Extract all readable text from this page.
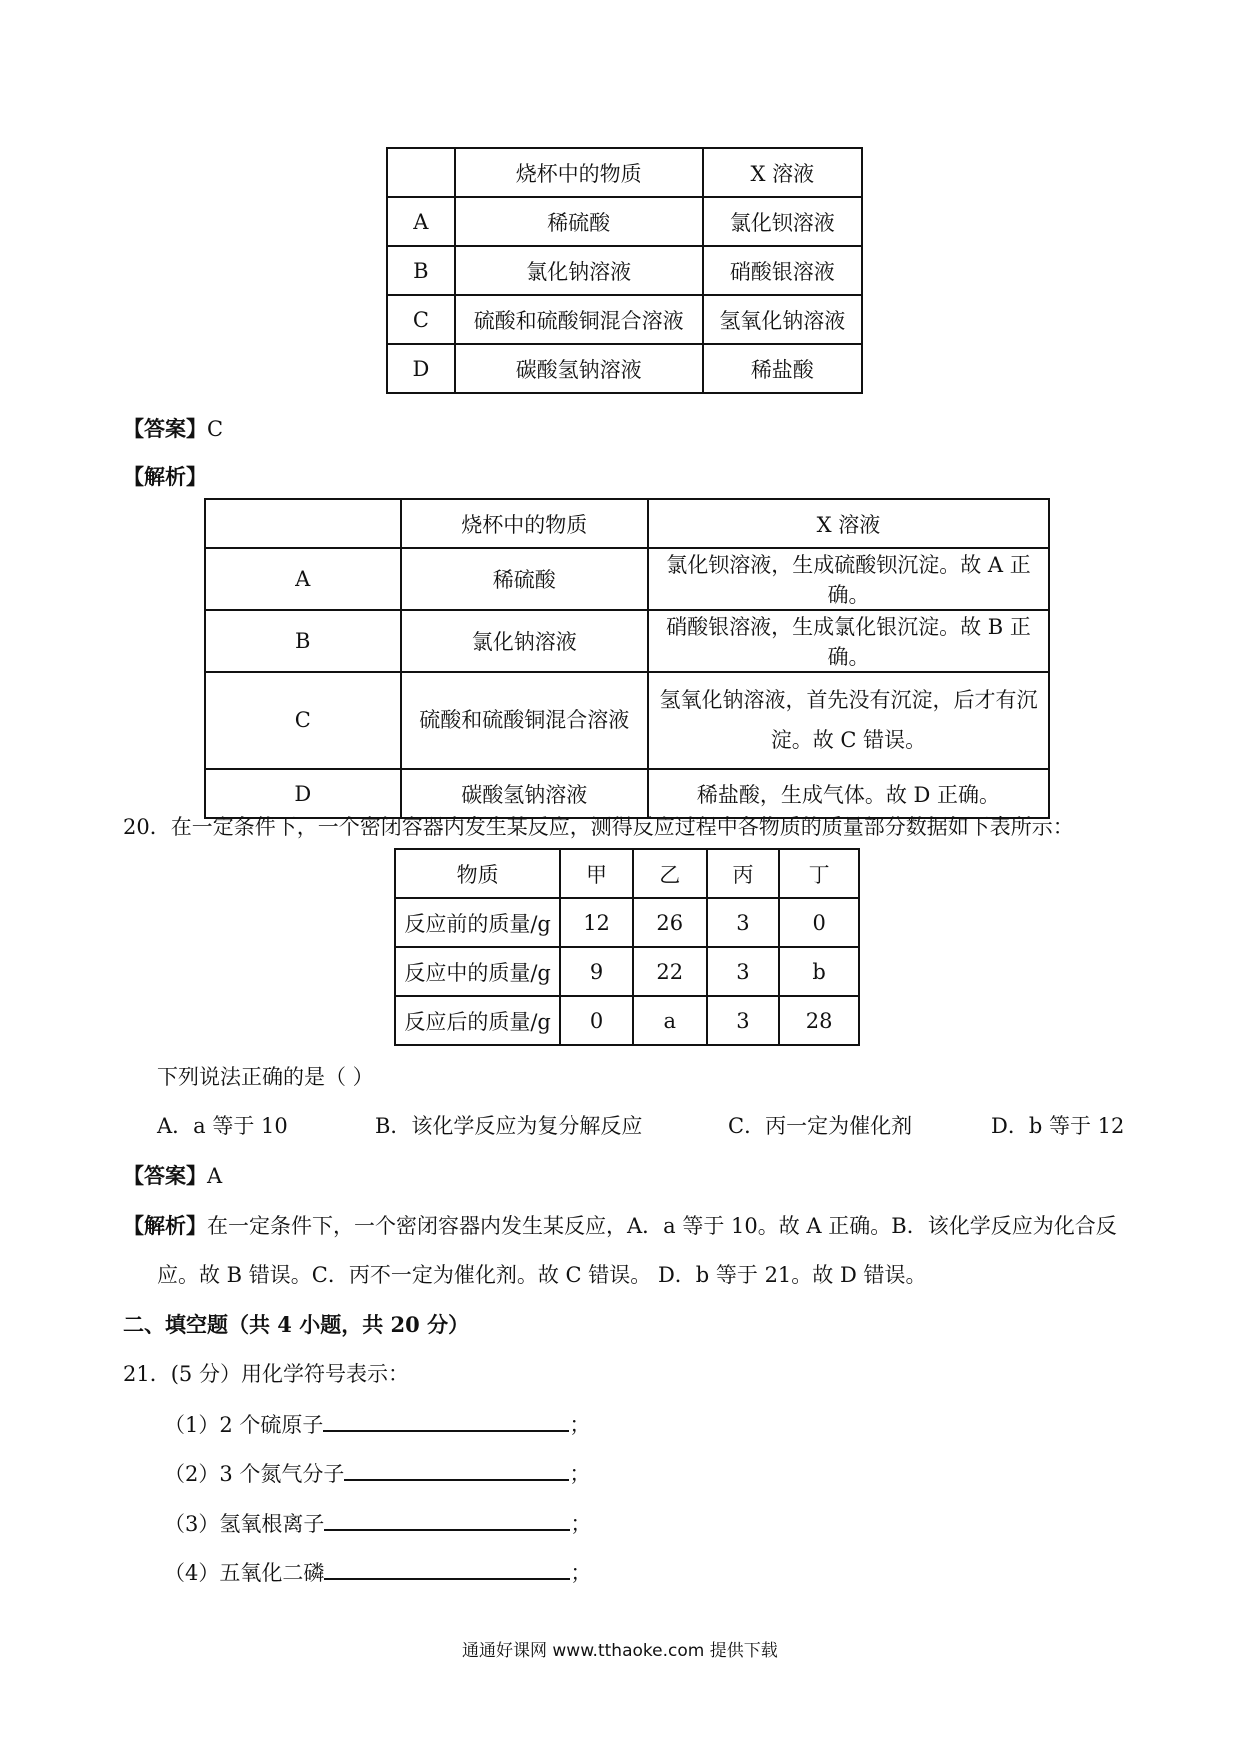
	烧杯中的物质	X 溶液
A	稀硫酸	氯化钡溶液
B	氯化钠溶液	硝酸银溶液
C	硫酸和硫酸铜混合溶液	氢氧化钠溶液
D	碳酸氢钠溶液	稀盐酸
【答案】C
【解析】
	烧杯中的物质	X 溶液
A	稀硫酸	氯化钡溶液，生成硫酸钡沉淀。故 A 正确。
B	氯化钠溶液	硝酸银溶液，生成氯化银沉淀。故 B 正确。
C	硫酸和硫酸铜混合溶液	氢氧化钠溶液，首先没有沉淀，后才有沉
淀。故 C 错误。
D	碳酸氢钠溶液	稀盐酸，生成气体。故 D 正确。
20．在一定条件下，一个密闭容器内发生某反应，测得反应过程中各物质的质量部分数据如下表所示：
物质	甲	乙	丙	丁
反应前的质量/g	12	26	3	0
反应中的质量/g	9	22	3	b
反应后的质量/g	0	a	3	28
下列说法正确的是（ ）
A．a 等于 10	B．该化学反应为复分解反应	C．丙一定为催化剂	D．b 等于 12
【答案】A
【解析】在一定条件下，一个密闭容器内发生某反应，A．a 等于 10。故 A 正确。B．该化学反应为化合反
应。故 B 错误。C．丙不一定为催化剂。故 C 错误。 D．b 等于 21。故 D 错误。
二、填空题（共 4 小题，共 20 分）
21．(5 分）用化学符号表示：
（1）2 个硫原子	；
（2）3 个氮气分子	；
（3）氢氧根离子	；
（4）五氧化二磷	；
通通好课网 www.tthaoke.com 提供下载
